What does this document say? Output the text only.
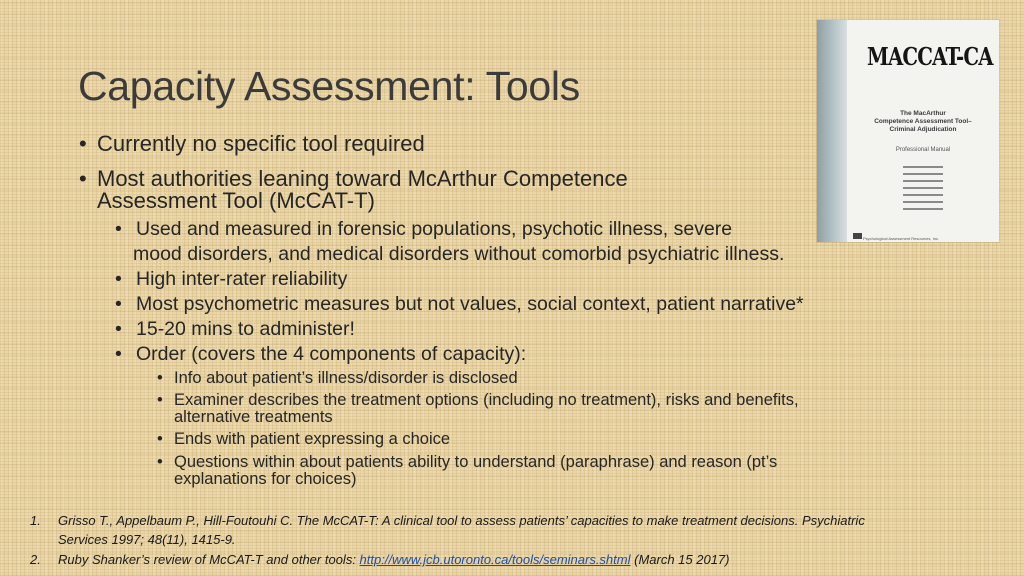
Capacity Assessment: Tools
• Currently no specific tool required
• Most authorities leaning toward McArthur Competence
Assessment Tool (McCAT-T)
• Used and measured in forensic populations, psychotic illness, severe
mood disorders, and medical disorders without comorbid psychiatric illness.
• High inter-rater reliability
• Most psychometric measures but not values, social context, patient narrative*
• 15-20 mins to administer!
• Order (covers the 4 components of capacity):
• Info about patient’s illness/disorder is disclosed
• Examiner describes the treatment options (including no treatment), risks and benefits,
alternative treatments
• Ends with patient expressing a choice
• Questions within about patients ability to understand (paraphrase) and reason (pt’s
explanations for choices)
MACCAT-CA
The MacArthur
Competence Assessment Tool–
Criminal Adjudication
Professional Manual
Psychological Assessment Resources, Inc.

1. Grisso T., Appelbaum P., Hill-Foutouhi C. The McCAT-T: A clinical tool to assess patients’ capacities to make treatment decisions. Psychiatric

Services 1997; 48(11), 1415-9.

2. Ruby Shanker’s review of McCAT-T and other tools: http://www.jcb.utoronto.ca/tools/seminars.shtml (March 15 2017)
